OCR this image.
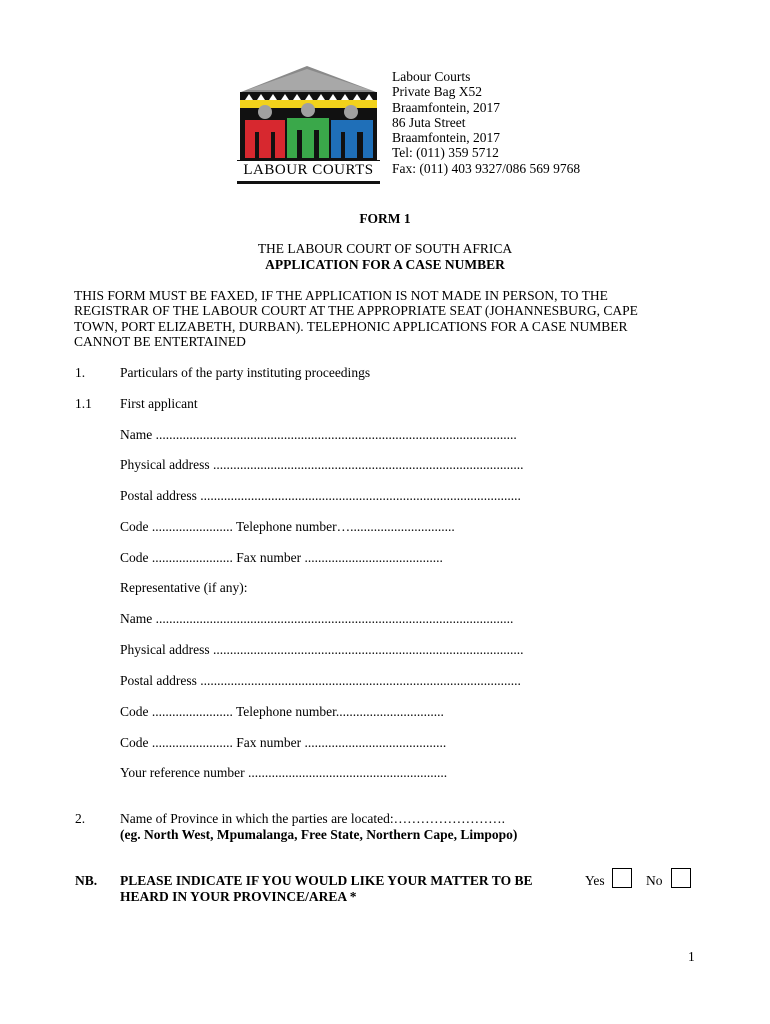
LABOUR COURTS
Labour Courts
Private Bag X52
Braamfontein, 2017
86 Juta Street
Braamfontein, 2017
Tel: (011) 359 5712
Fax: (011) 403 9327/086 569 9768
FORM 1
THE LABOUR COURT OF SOUTH AFRICA
APPLICATION FOR A CASE NUMBER
THIS FORM MUST BE FAXED, IF THE APPLICATION IS NOT MADE IN PERSON, TO THE
REGISTRAR OF THE LABOUR COURT AT THE APPROPRIATE SEAT (JOHANNESBURG, CAPE
TOWN, PORT ELIZABETH, DURBAN). TELEPHONIC APPLICATIONS FOR A CASE NUMBER
CANNOT BE ENTERTAINED
1.	Particulars of the party instituting proceedings
1.1 First applicant
Name ...........................................................................................................
Physical address ............................................................................................
Postal address ...............................................................................................
Code ........................ Telephone number…...............................
Code ........................ Fax number .........................................
Representative (if any):
Name ..........................................................................................................
Physical address ............................................................................................
Postal address ...............................................................................................
Code ........................ Telephone number................................
Code ........................ Fax number ..........................................
Your reference number ...........................................................
2.	Name of Province in which the parties are located:…………………….
(eg. North West, Mpumalanga, Free State, Northern Cape, Limpopo)
NB. PLEASE INDICATE IF YOU WOULD LIKE YOUR MATTER TO BE
HEARD IN YOUR PROVINCE/AREA *
Yes	No
1
